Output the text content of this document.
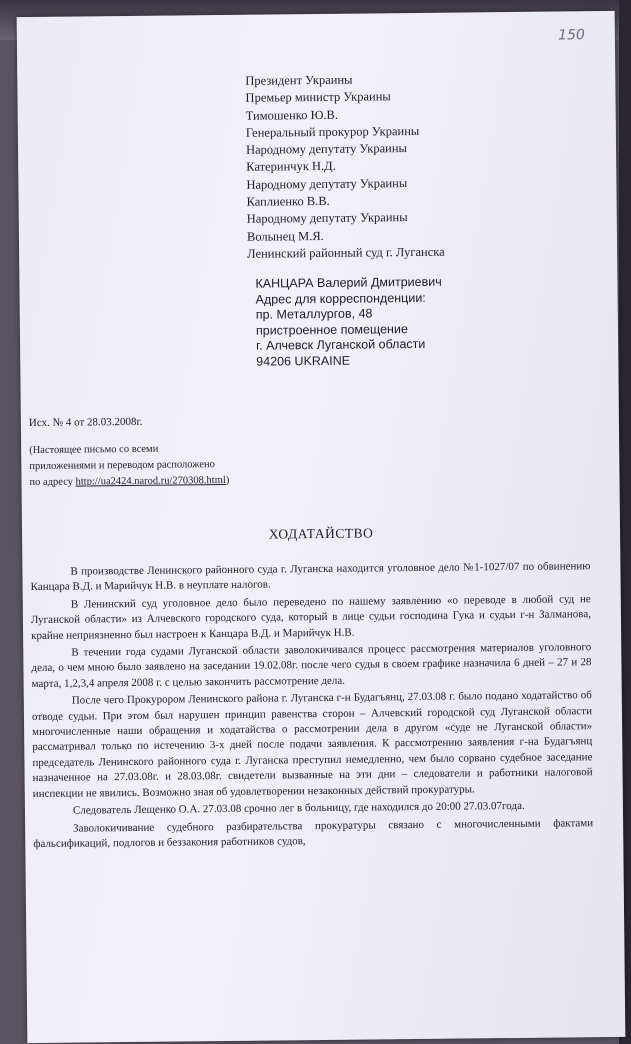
150
Президент Украины
Премьер министр Украины
Тимошенко Ю.В.
Генеральный прокурор Украины
Народному депутату Украины
Катеринчук Н.Д.
Народному депутату Украины
Каплиенко В.В.
Народному депутату Украины
Волынец М.Я.
Ленинский районный суд г. Луганска
КАНЦАРА Валерий Дмитриевич
Адрес для корреспонденции:
пр. Металлургов, 48
пристроенное помещение
г. Алчевск Луганской области
94206 UKRAINE
Исх. № 4 от 28.03.2008г.
(Настоящее письмо со всеми
приложениями и переводом расположено
по адресу http://ua2424.narod.ru/270308.html)
ХОДАТАЙСТВО

В производстве Ленинского районного суда г. Луганска находится уголовное дело №1-1027/07 по обвинению Канцара В.Д. и Марийчук Н.В. в неуплате налогов.

В Ленинский суд уголовное дело было переведено по нашему заявлению «о переводе в любой суд не Луганской области» из Алчевского городского суда, который в лице судьи господина Гука и судьи г-н Залманова, крайне неприязненно был настроен к Канцара В.Д. и Марийчук Н.В.

В течении года судами Луганской области заволокичивался процесс рассмотрения материалов уголовного дела, о чем мною было заявлено на заседании 19.02.08г. после чего судья в своем графике назначила 6 дней – 27 и 28 марта, 1,2,3,4 апреля 2008 г. с целью закончить рассмотрение дела.

После чего Прокурором Ленинского района г. Луганска г-н Будагъянц, 27.03.08 г. было подано ходатайство об отводе судьи. При этом был нарушен принцип равенства сторон – Алчевский городской суд Луганской области многочисленные наши обращения и ходатайства о рассмотрении дела в другом «суде не Луганской области» рассматривал только по истечению 3-х дней после подачи заявления. К рассмотрению заявления г-на Будагъянц председатель Ленинского районного суда г. Луганска преступил немедленно, чем было сорвано судебное заседание назначенное на 27.03.08г. и 28.03.08г. свидетели вызванные на эти дни – следователи и работники налоговой инспекции не явились. Возможно зная об удовлетворении незаконных действий прокуратуры.

Следователь Лещенко О.А. 27.03.08 срочно лег в больницу, где находился до 20:00 27.03.07года.

Заволокичивание судебного разбирательства прокуратуры связано с многочисленными фактами фальсификаций, подлогов и беззакония работников судов,
